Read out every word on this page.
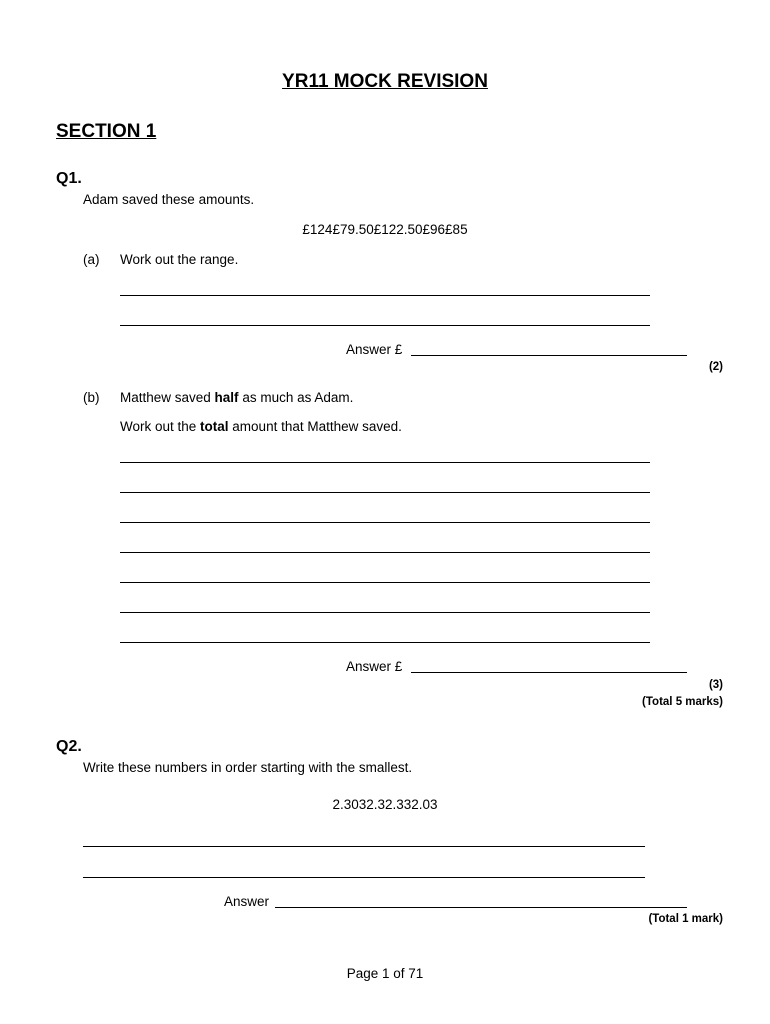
YR11 MOCK REVISION
SECTION 1
Q1.
Adam saved these amounts.
£124£79.50£122.50£96£85
(a) Work out the range.
Answer £
(2)
(b) Matthew saved half as much as Adam.
Work out the total amount that Matthew saved.
Answer £
(3)
(Total 5 marks)
Q2.
Write these numbers in order starting with the smallest.
2.3032.32.332.03
Answer
(Total 1 mark)
Page 1 of 71
